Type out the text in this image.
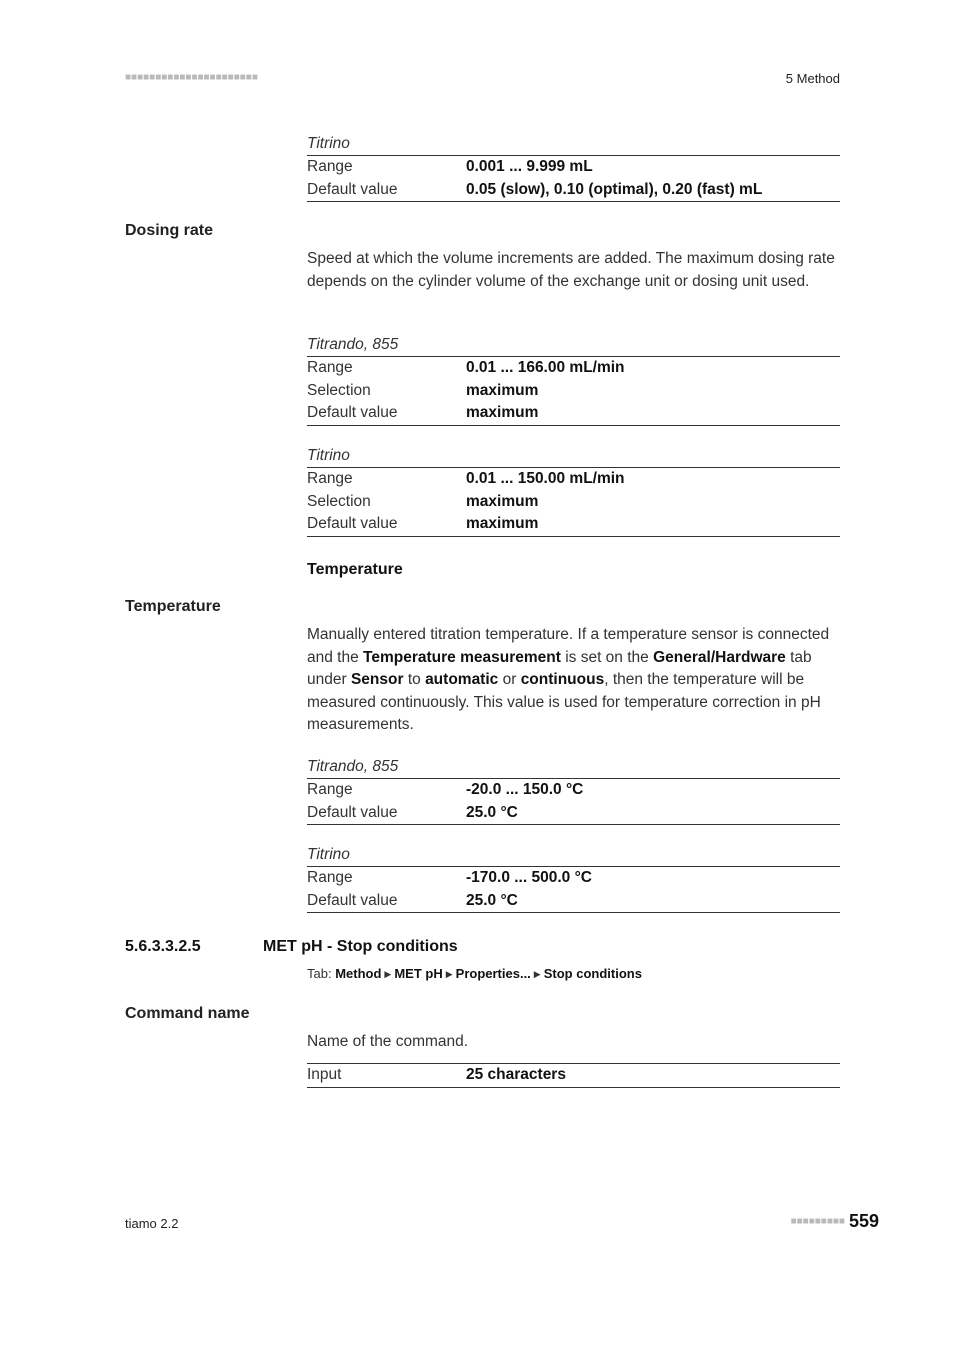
■■■■■■■■■■■■■■■■■■■■■■	5 Method
Titrino
Range	0.001 ... 9.999 mL
Default value	0.05 (slow), 0.10 (optimal), 0.20 (fast) mL
Dosing rate
Speed at which the volume increments are added. The maximum dosing rate depends on the cylinder volume of the exchange unit or dosing unit used.
Titrando, 855
Range	0.01 ... 166.00 mL/min
Selection	maximum
Default value	maximum
Titrino
Range	0.01 ... 150.00 mL/min
Selection	maximum
Default value	maximum
Temperature
Temperature
Manually entered titration temperature. If a temperature sensor is connected and the Temperature measurement is set on the General/Hardware tab under Sensor to automatic or continuous, then the temperature will be measured continuously. This value is used for temperature correction in pH measurements.
Titrando, 855
Range	-20.0 ... 150.0 °C
Default value	25.0 °C
Titrino
Range	-170.0 ... 500.0 °C
Default value	25.0 °C
5.6.3.3.2.5	MET pH - Stop conditions
Tab: Method ▶ MET pH ▶ Properties... ▶ Stop conditions
Command name
Name of the command.
Input	25 characters
tiamo 2.2	■■■■■■■■■ 559
